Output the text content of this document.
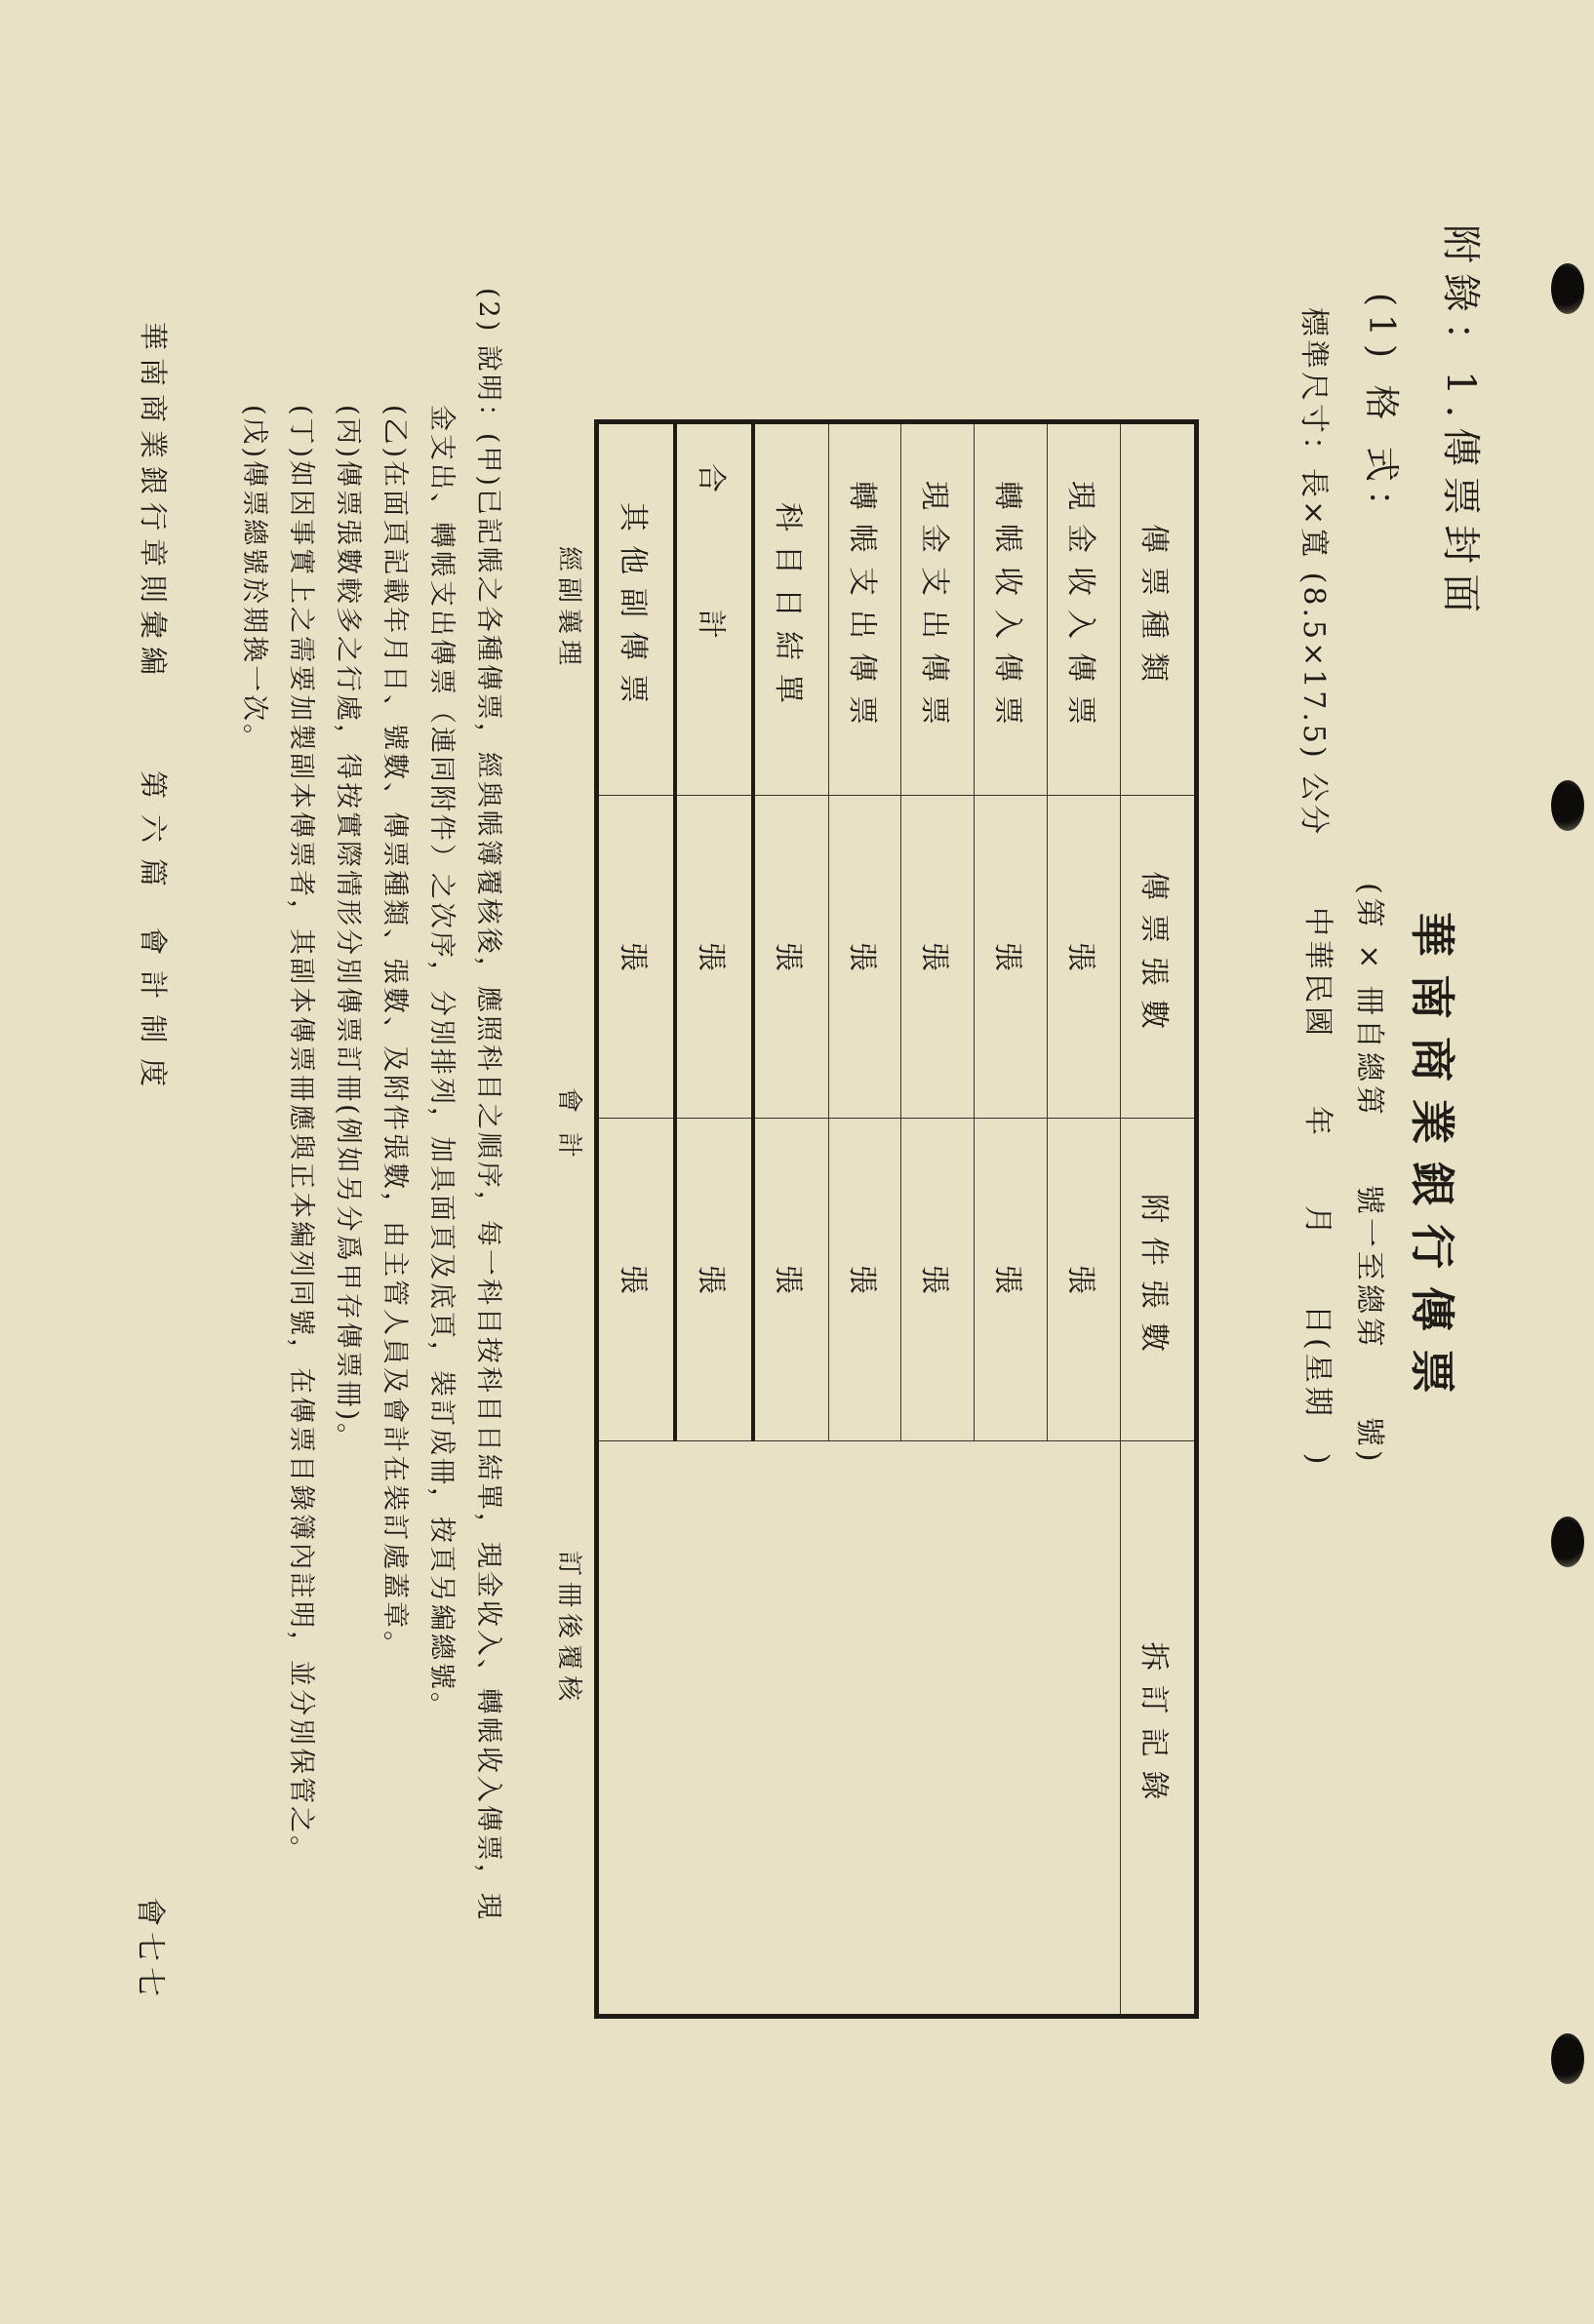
附錄：1.傳票封面
(1) 格 式：
標準尺寸：長×寬 (8.5×17.5) 公分
華南商業銀行傳票
(第 × 冊自總第　　號一至總第　　號)
中華民國　　年　　月　　日(星期　)
傳票種類	傳票張數	附件張數	拆訂記錄
現金收入傳票	張	張	
轉帳收入傳票	張	張	
現金支出傳票	張	張	
轉帳支出傳票	張	張	
科目日結單	張	張	
合計	張	張	
其他副傳票	張	張	
經副襄理
會計
訂冊後覆核
(2) 說明：(甲)已記帳之各種傳票，經與帳簿覆核後，應照科目之順序，每一科目按科目日結單，現金收入、轉帳收入傳票，現
金支出、轉帳支出傳票（連同附件）之次序，分別排列，加具面頁及底頁，裝訂成冊，按頁另編總號。
(乙)在面頁記載年月日、號數、傳票種類、張數、及附件張數，由主管人員及會計在裝訂處蓋章。
(丙)傳票張數較多之行處，得按實際情形分別傳票訂冊(例如另分爲甲存傳票冊)。
(丁)如因事實上之需要加製副本傳票者，其副本傳票冊應與正本編列同號，在傳票目錄簿內註明，並分別保管之。
(戊)傳票總號於期換一次。
華南商業銀行章則彙編第六篇 會計制度
會七七
